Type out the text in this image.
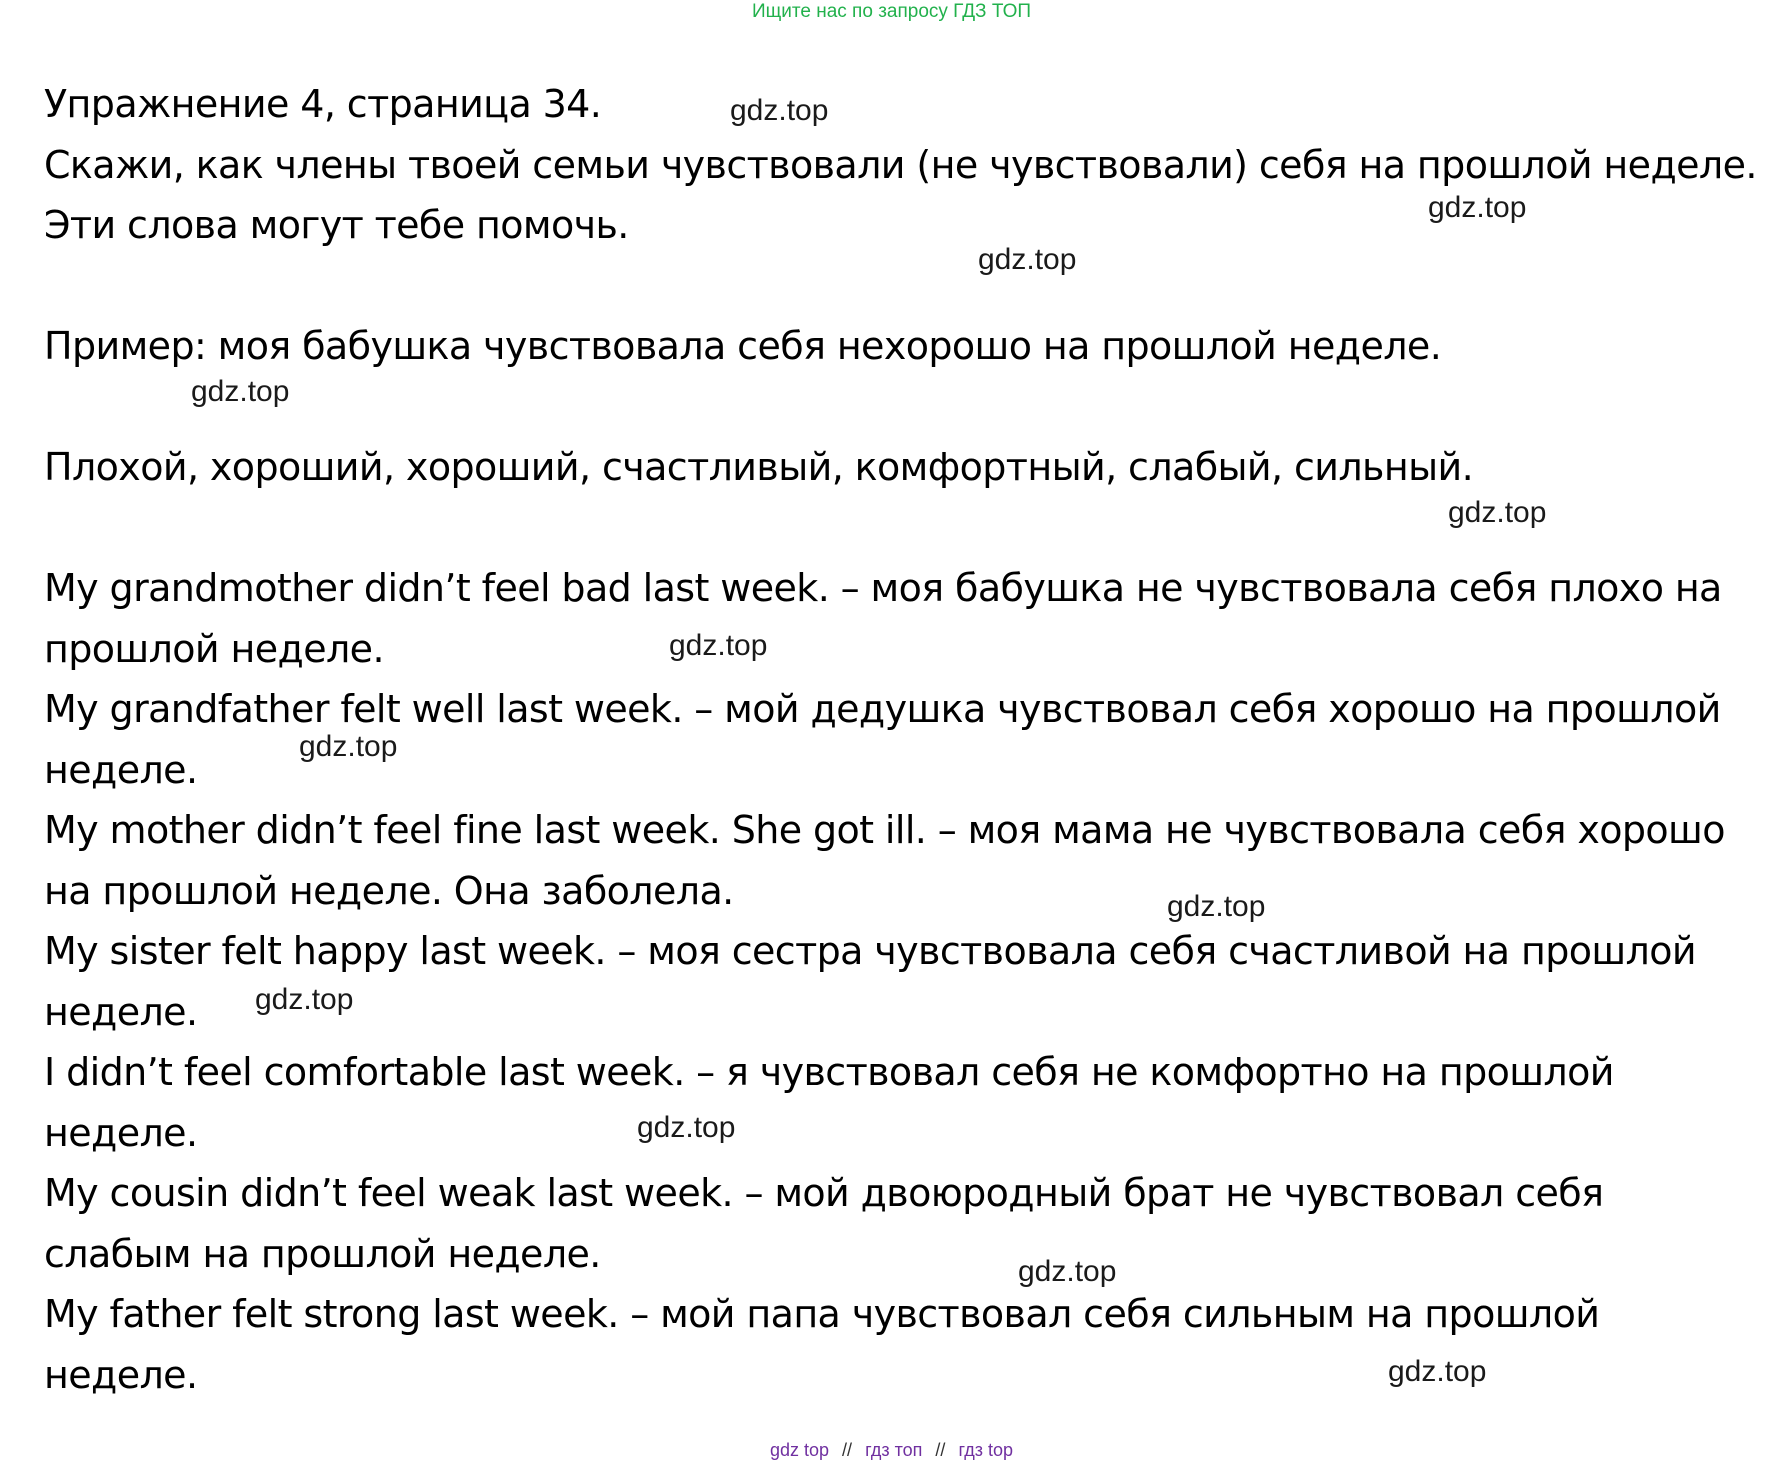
Ищите нас по запросу ГДЗ ТОП
Упражнение 4, страница 34.
Скажи, как члены твоей семьи чувствовали (не чувствовали) себя на прошлой неделе.
Эти слова могут тебе помочь.
Пример: моя бабушка чувствовала себя нехорошо на прошлой неделе.
Плохой, хороший, хороший, счастливый, комфортный, слабый, сильный.
My grandmother didn’t feel bad last week. – моя бабушка не чувствовала себя плохо на
прошлой неделе.
My grandfather felt well last week. – мой дедушка чувствовал себя хорошо на прошлой
неделе.
My mother didn’t feel fine last week. She got ill. – моя мама не чувствовала себя хорошо
на прошлой неделе. Она заболела.
My sister felt happy last week. – моя сестра чувствовала себя счастливой на прошлой
неделе.
I didn’t feel comfortable last week. – я чувствовал себя не комфортно на прошлой
неделе.
My cousin didn’t feel weak last week. – мой двоюродный брат не чувствовал себя
слабым на прошлой неделе.
My father felt strong last week. – мой папа чувствовал себя сильным на прошлой
неделе.
gdz.top
gdz.top
gdz.top
gdz.top
gdz.top
gdz.top
gdz.top
gdz.top
gdz.top
gdz.top
gdz.top
gdz.top
gdz top // гдз топ // гдз top
